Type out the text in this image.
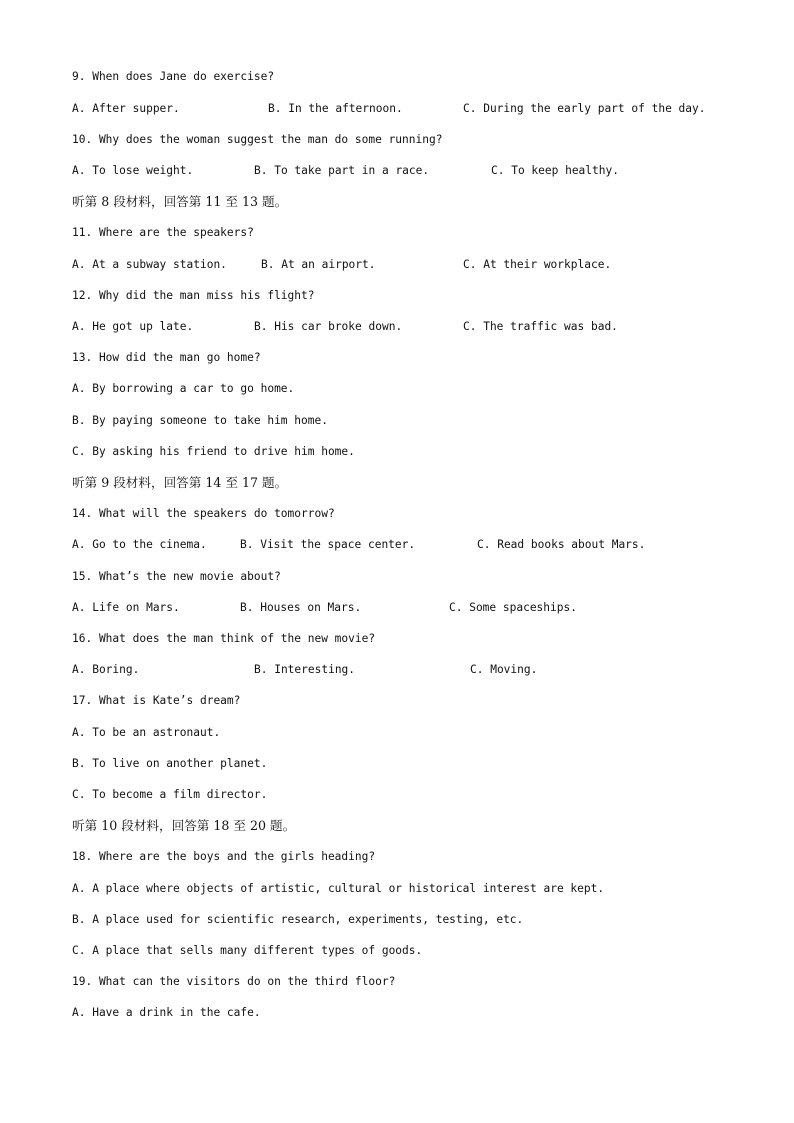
9. When does Jane do exercise?

A. After supper.

	B. In the afternoon.

	C. During the early part of the day.

10. Why does the woman suggest the man do some running?

A. To lose weight.

	B. To take part in a race.

	C. To keep healthy.

听第 8 段材料，回答第 11 至 13 题。
11. Where are the speakers?

A. At a subway station.

	B. At an airport.

	C. At their workplace.

12. Why did the man miss his flight?

A. He got up late.

	B. His car broke down.

	C. The traffic was bad.

13. How did the man go home?
A. By borrowing a car to go home.
B. By paying someone to take him home.
C. By asking his friend to drive him home.
听第 9 段材料，回答第 14 至 17 题。
14. What will the speakers do tomorrow?

A. Go to the cinema.

	B. Visit the space center.

	C. Read books about Mars.

15. What’s the new movie about?

A. Life on Mars.

	B. Houses on Mars.

	C. Some spaceships.

16. What does the man think of the new movie?

A. Boring.

	B. Interesting.

	C. Moving.

17. What is Kate’s dream?
A. To be an astronaut.
B. To live on another planet.
C. To become a film director.
听第 10 段材料，回答第 18 至 20 题。
18. Where are the boys and the girls heading?
A. A place where objects of artistic, cultural or historical interest are kept.
B. A place used for scientific research, experiments, testing, etc.
C. A place that sells many different types of goods.
19. What can the visitors do on the third floor?
A. Have a drink in the cafe.
